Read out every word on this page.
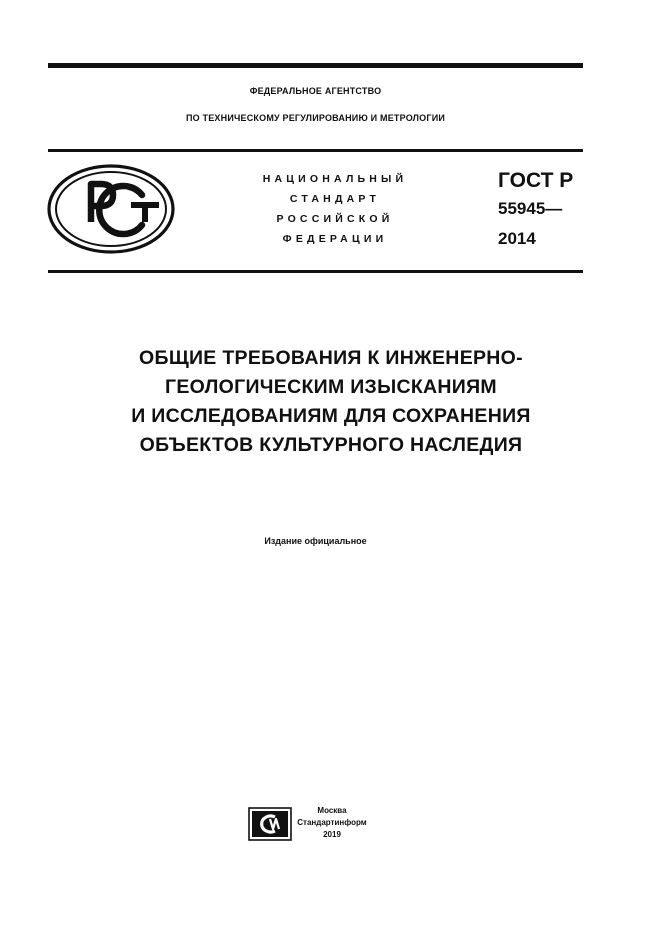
ФЕДЕРАЛЬНОЕ АГЕНТСТВО
ПО ТЕХНИЧЕСКОМУ РЕГУЛИРОВАНИЮ И МЕТРОЛОГИИ
НАЦИОНАЛЬНЫЙ
СТАНДАРТ
РОССИЙСКОЙ
ФЕДЕРАЦИИ
ГОСТ Р
55945—
2014
ОБЩИЕ ТРЕБОВАНИЯ К ИНЖЕНЕРНО-
ГЕОЛОГИЧЕСКИМ ИЗЫСКАНИЯМ
И ИССЛЕДОВАНИЯМ ДЛЯ СОХРАНЕНИЯ
ОБЪЕКТОВ КУЛЬТУРНОГО НАСЛЕДИЯ
Издание официальное
Москва
Стандартинформ
2019
